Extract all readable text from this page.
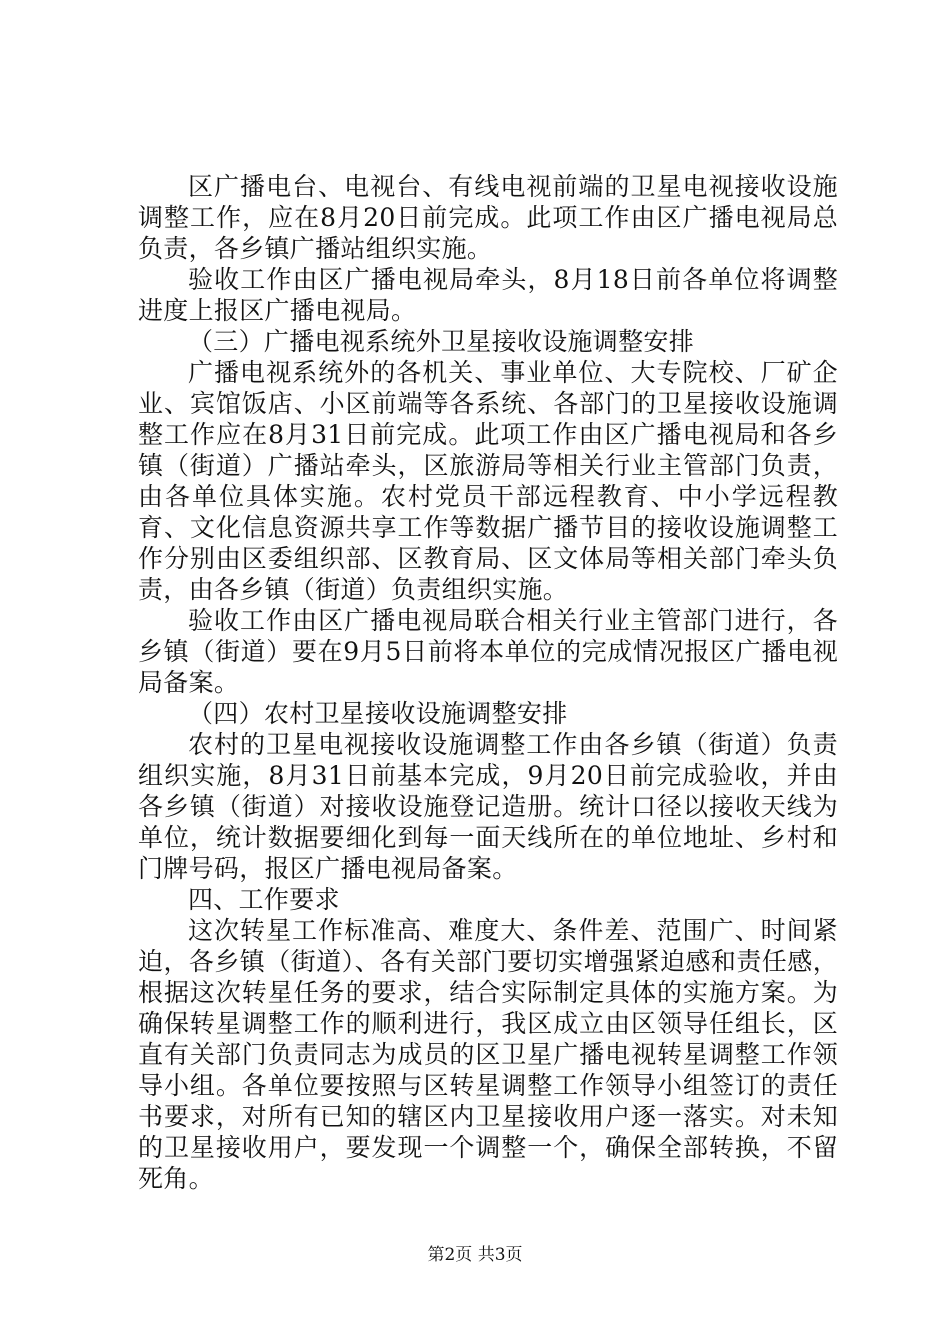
区广播电台、电视台、有线电视前端的卫星电视接收设施调整工作，应在8月20日前完成。此项工作由区广播电视局总负责，各乡镇广播站组织实施。

验收工作由区广播电视局牵头，8月18日前各单位将调整进度上报区广播电视局。

（三）广播电视系统外卫星接收设施调整安排

广播电视系统外的各机关、事业单位、大专院校、厂矿企业、宾馆饭店、小区前端等各系统、各部门的卫星接收设施调整工作应在8月31日前完成。此项工作由区广播电视局和各乡镇（街道）广播站牵头，区旅游局等相关行业主管部门负责，由各单位具体实施。农村党员干部远程教育、中小学远程教育、文化信息资源共享工作等数据广播节目的接收设施调整工作分别由区委组织部、区教育局、区文体局等相关部门牵头负责，由各乡镇（街道）负责组织实施。

验收工作由区广播电视局联合相关行业主管部门进行，各乡镇（街道）要在9月5日前将本单位的完成情况报区广播电视局备案。

（四）农村卫星接收设施调整安排

农村的卫星电视接收设施调整工作由各乡镇（街道）负责组织实施，8月31日前基本完成，9月20日前完成验收，并由各乡镇（街道）对接收设施登记造册。统计口径以接收天线为单位，统计数据要细化到每一面天线所在的单位地址、乡村和门牌号码，报区广播电视局备案。

四、工作要求

这次转星工作标准高、难度大、条件差、范围广、时间紧迫，各乡镇（街道）、各有关部门要切实增强紧迫感和责任感，根据这次转星任务的要求，结合实际制定具体的实施方案。为确保转星调整工作的顺利进行，我区成立由区领导任组长，区直有关部门负责同志为成员的区卫星广播电视转星调整工作领导小组。各单位要按照与区转星调整工作领导小组签订的责任书要求，对所有已知的辖区内卫星接收用户逐一落实。对未知的卫星接收用户，要发现一个调整一个，确保全部转换，不留死角。

第2页 共3页
